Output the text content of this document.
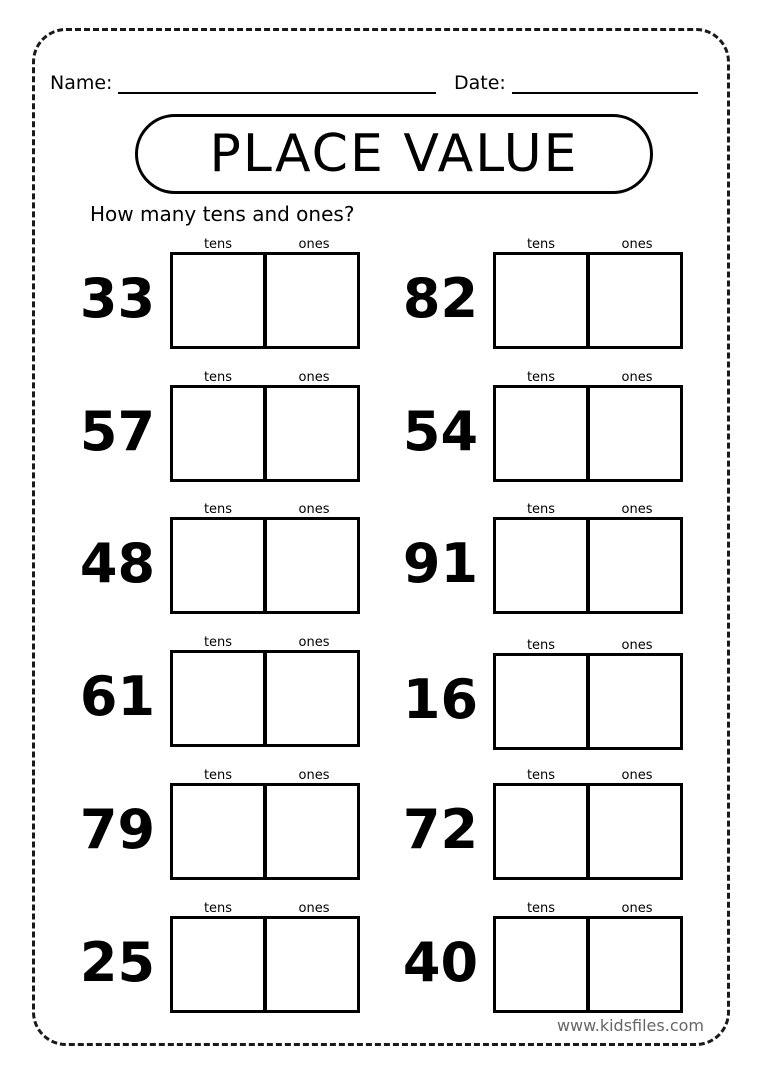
Name:	Date:
PLACE VALUE
How many tens and ones?
33
tens	ones
82
tens	ones
57
tens	ones
54
tens	ones
48
tens	ones
91
tens	ones
61
tens	ones
16
tens	ones
79
tens	ones
72
tens	ones
25
tens	ones
40
tens	ones
www.kidsfiles.com
